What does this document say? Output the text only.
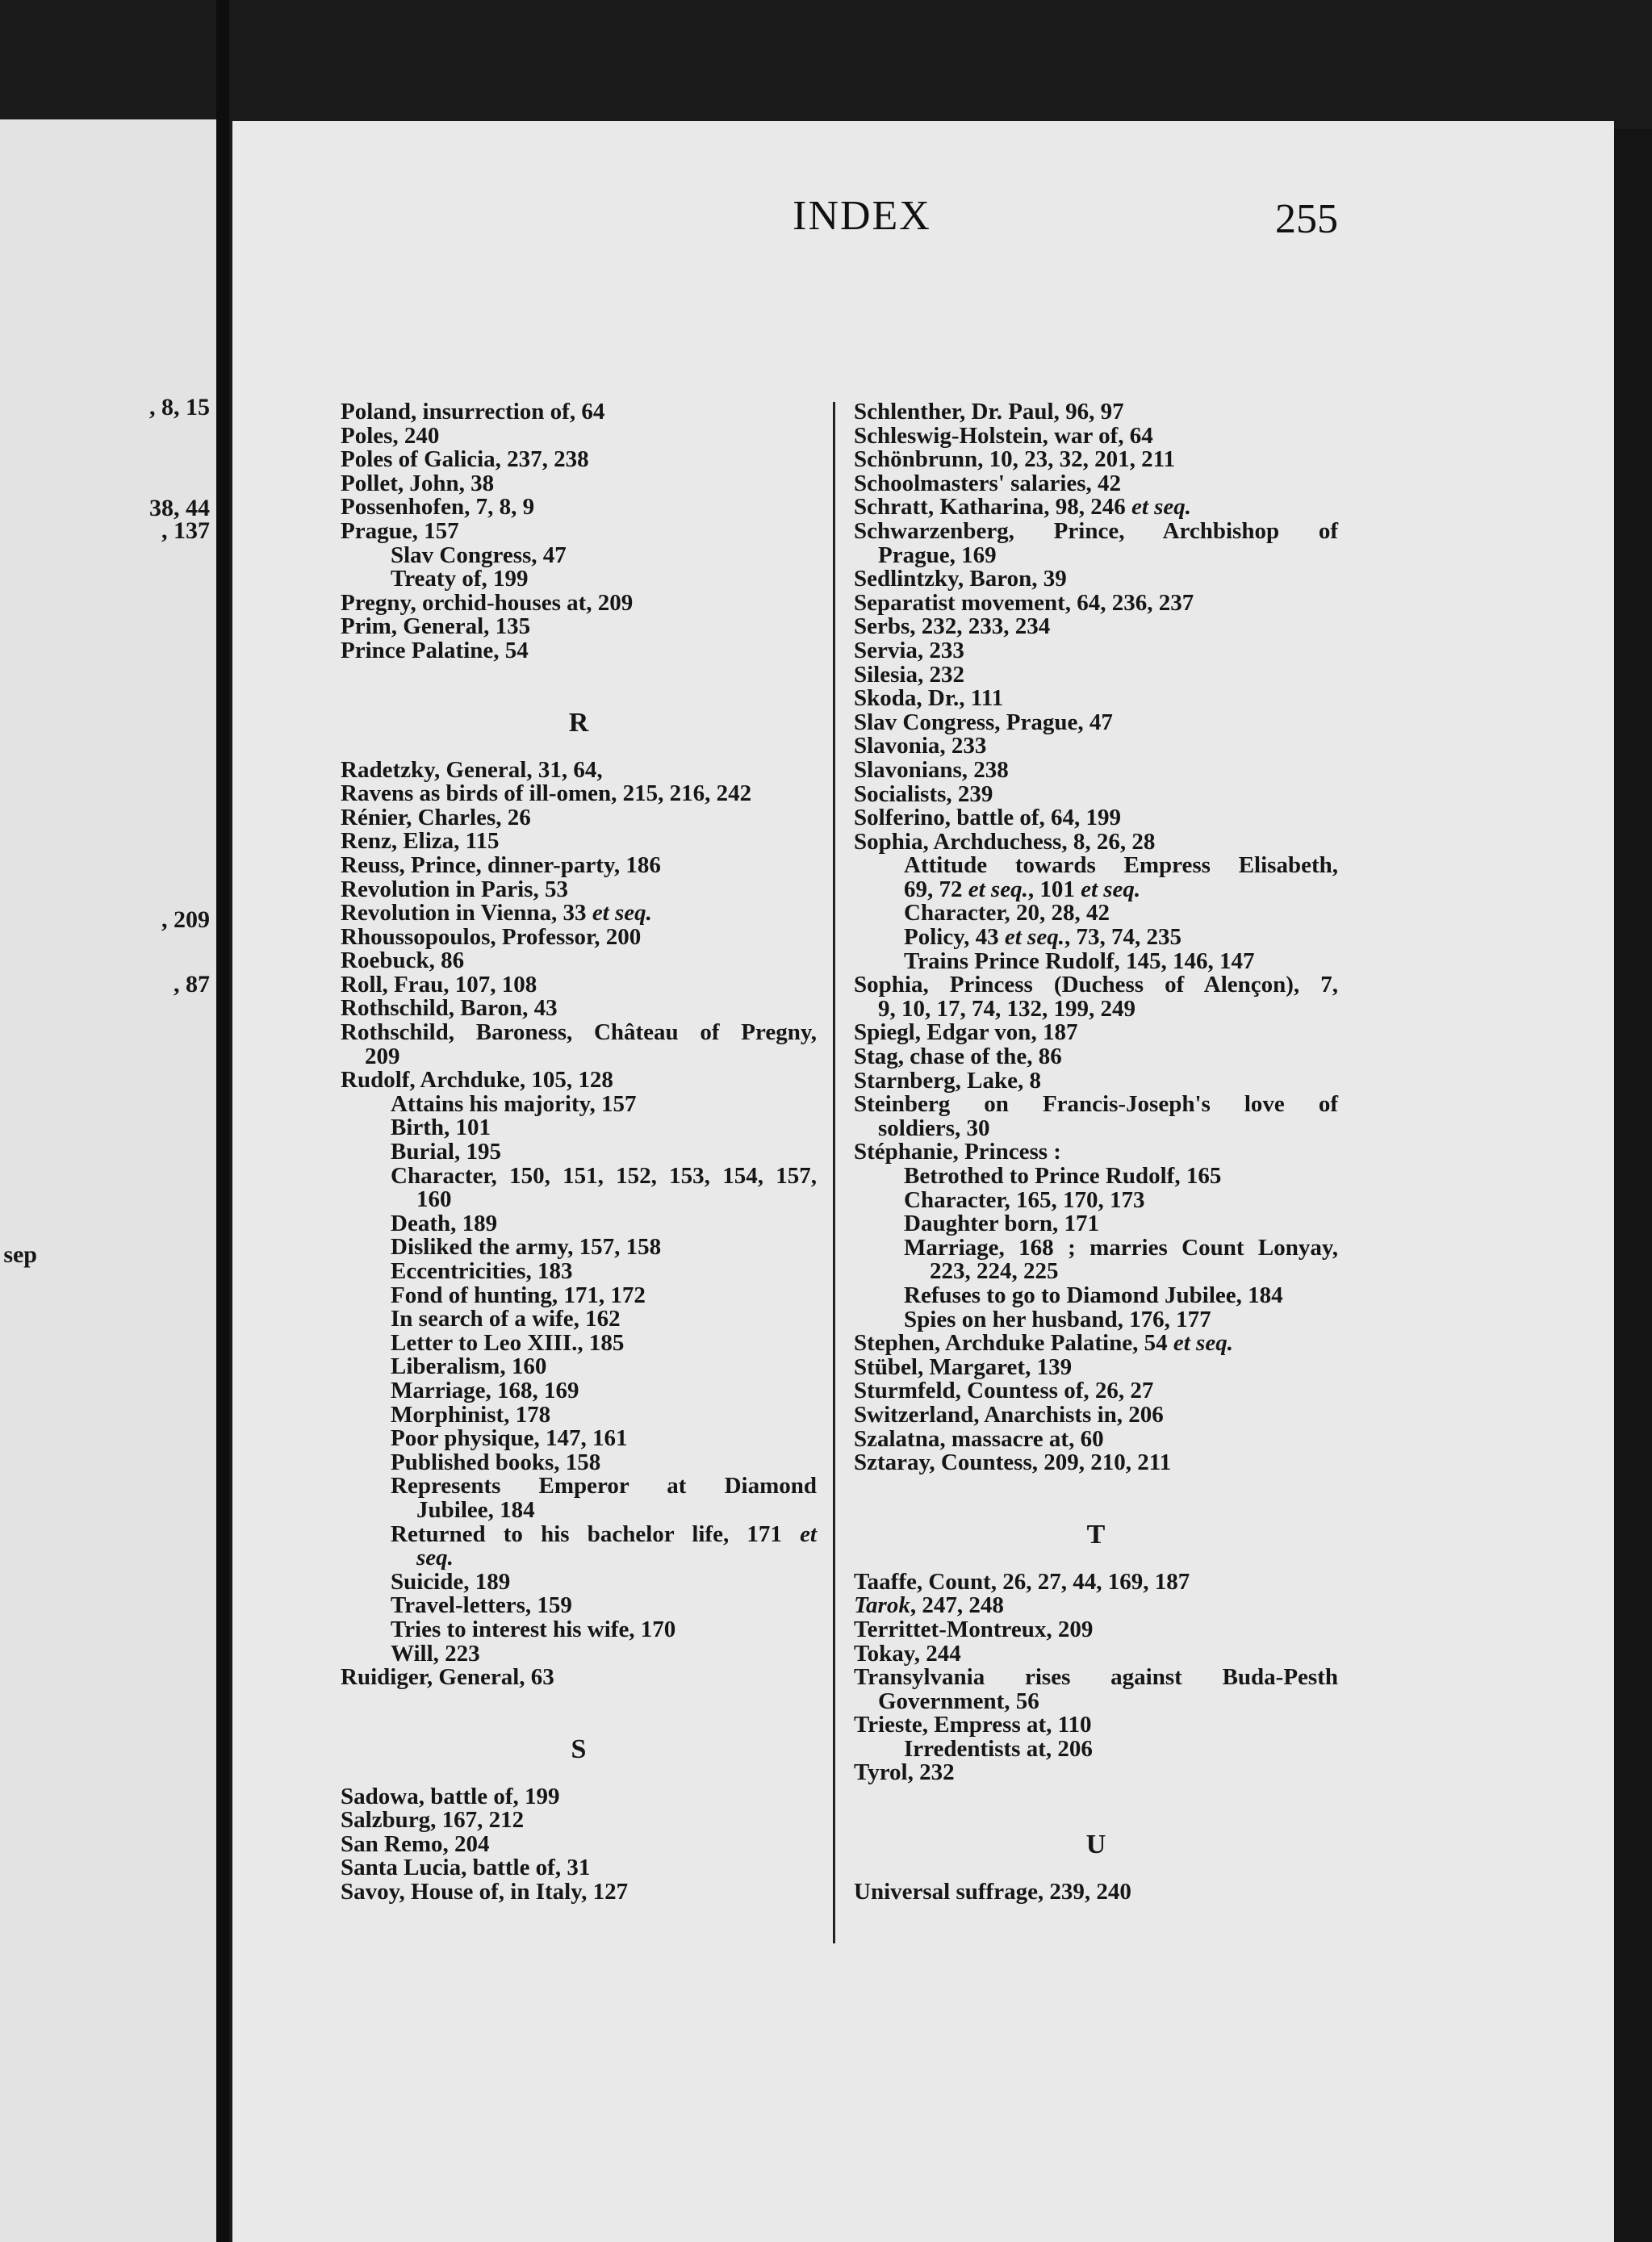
, 8, 15
38, 44
, 137
, 209
, 87
sep
INDEX	255
Poland, insurrection of, 64
Poles, 240
Poles of Galicia, 237, 238
Pollet, John, 38
Possenhofen, 7, 8, 9
Prague, 157
Slav Congress, 47
Treaty of, 199
Pregny, orchid-houses at, 209
Prim, General, 135
Prince Palatine, 54
R
Radetzky, General, 31, 64,
Ravens as birds of ill-omen, 215, 216, 242
Rénier, Charles, 26
Renz, Eliza, 115
Reuss, Prince, dinner-party, 186
Revolution in Paris, 53
Revolution in Vienna, 33 et seq.
Rhoussopoulos, Professor, 200
Roebuck, 86
Roll, Frau, 107, 108
Rothschild, Baron, 43
Rothschild, Baroness, Château of Pregny,
209
Rudolf, Archduke, 105, 128
Attains his majority, 157
Birth, 101
Burial, 195
Character, 150, 151, 152, 153, 154, 157,
160
Death, 189
Disliked the army, 157, 158
Eccentricities, 183
Fond of hunting, 171, 172
In search of a wife, 162
Letter to Leo XIII., 185
Liberalism, 160
Marriage, 168, 169
Morphinist, 178
Poor physique, 147, 161
Published books, 158
Represents Emperor at Diamond
Jubilee, 184
Returned to his bachelor life, 171 et
seq.
Suicide, 189
Travel-letters, 159
Tries to interest his wife, 170
Will, 223
Ruidiger, General, 63
S
Sadowa, battle of, 199
Salzburg, 167, 212
San Remo, 204
Santa Lucia, battle of, 31
Savoy, House of, in Italy, 127
Schlenther, Dr. Paul, 96, 97
Schleswig-Holstein, war of, 64
Schönbrunn, 10, 23, 32, 201, 211
Schoolmasters' salaries, 42
Schratt, Katharina, 98, 246 et seq.
Schwarzenberg, Prince, Archbishop of
Prague, 169
Sedlintzky, Baron, 39
Separatist movement, 64, 236, 237
Serbs, 232, 233, 234
Servia, 233
Silesia, 232
Skoda, Dr., 111
Slav Congress, Prague, 47
Slavonia, 233
Slavonians, 238
Socialists, 239
Solferino, battle of, 64, 199
Sophia, Archduchess, 8, 26, 28
Attitude towards Empress Elisabeth,
69, 72 et seq., 101 et seq.
Character, 20, 28, 42
Policy, 43 et seq., 73, 74, 235
Trains Prince Rudolf, 145, 146, 147
Sophia, Princess (Duchess of Alençon), 7,
9, 10, 17, 74, 132, 199, 249
Spiegl, Edgar von, 187
Stag, chase of the, 86
Starnberg, Lake, 8
Steinberg on Francis-Joseph's love of
soldiers, 30
Stéphanie, Princess :
Betrothed to Prince Rudolf, 165
Character, 165, 170, 173
Daughter born, 171
Marriage, 168 ; marries Count Lonyay,
223, 224, 225
Refuses to go to Diamond Jubilee, 184
Spies on her husband, 176, 177
Stephen, Archduke Palatine, 54 et seq.
Stübel, Margaret, 139
Sturmfeld, Countess of, 26, 27
Switzerland, Anarchists in, 206
Szalatna, massacre at, 60
Sztaray, Countess, 209, 210, 211
T
Taaffe, Count, 26, 27, 44, 169, 187
Tarok, 247, 248
Territtet-Montreux, 209
Tokay, 244
Transylvania rises against Buda-Pesth
Government, 56
Trieste, Empress at, 110
Irredentists at, 206
Tyrol, 232
U
Universal suffrage, 239, 240
